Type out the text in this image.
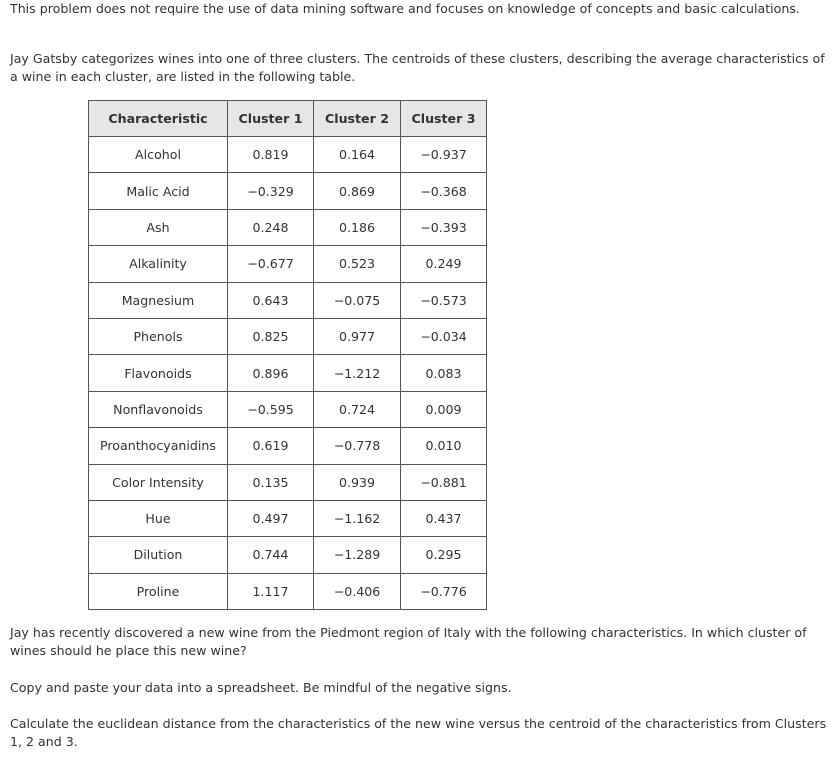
This problem does not require the use of data mining software and focuses on knowledge of concepts and basic calculations.

Jay Gatsby categorizes wines into one of three clusters. The centroids of these clusters, describing the average characteristics of a wine in each cluster, are listed in the following table.

Characteristic	Cluster 1	Cluster 2	Cluster 3
Alcohol	0.819	0.164	−0.937
Malic Acid	−0.329	0.869	−0.368
Ash	0.248	0.186	−0.393
Alkalinity	−0.677	0.523	0.249
Magnesium	0.643	−0.075	−0.573
Phenols	0.825	0.977	−0.034
Flavonoids	0.896	−1.212	0.083
Nonflavonoids	−0.595	0.724	0.009
Proanthocyanidins	0.619	−0.778	0.010
Color Intensity	0.135	0.939	−0.881
Hue	0.497	−1.162	0.437
Dilution	0.744	−1.289	0.295
Proline	1.117	−0.406	−0.776

Jay has recently discovered a new wine from the Piedmont region of Italy with the following characteristics. In which cluster of wines should he place this new wine?

Copy and paste your data into a spreadsheet. Be mindful of the negative signs.

Calculate the euclidean distance from the characteristics of the new wine versus the centroid of the characteristics from Clusters 1, 2 and 3.
